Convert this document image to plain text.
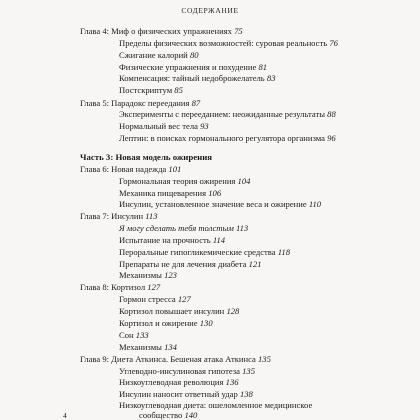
СОДЕРЖАНИЕ
Глава 4: Миф о физических упражнениях 75
Пределы физических возможностей: суровая реальность 76
Сжигание калорий 80
Физические упражнения и похудение 81
Компенсация: тайный недоброжелатель 83
Постскриптум 85
Глава 5: Парадокс переедания 87
Эксперименты с перееданием: неожиданные результаты 88
Нормальный вес тела 93
Лептин: в поисках гормонального регулятора организма 96
Часть 3: Новая модель ожирения
Глава 6: Новая надежда 101
Гормональная теория ожирения 104
Механика пищеварения 106
Инсулин, установленное значение веса и ожирение 110
Глава 7: Инсулин 113
Я могу сделать тебя толстым 113
Испытание на прочность 114
Пероральные гипогликемические средства 118
Препараты не для лечения диабета 121
Механизмы 123
Глава 8: Кортизол 127
Гормон стресса 127
Кортизол повышает инсулин 128
Кортизол и ожирение 130
Сон 133
Механизмы 134
Глава 9: Диета Аткинса. Бешеная атака Аткинса 135
Углеводно-инсулиновая гипотеза 135
Низкоуглеводная революция 136
Инсулин наносит ответный удар 138
Низкоуглеводная диета: ошеломленное медицинское
сообщество 140
4
